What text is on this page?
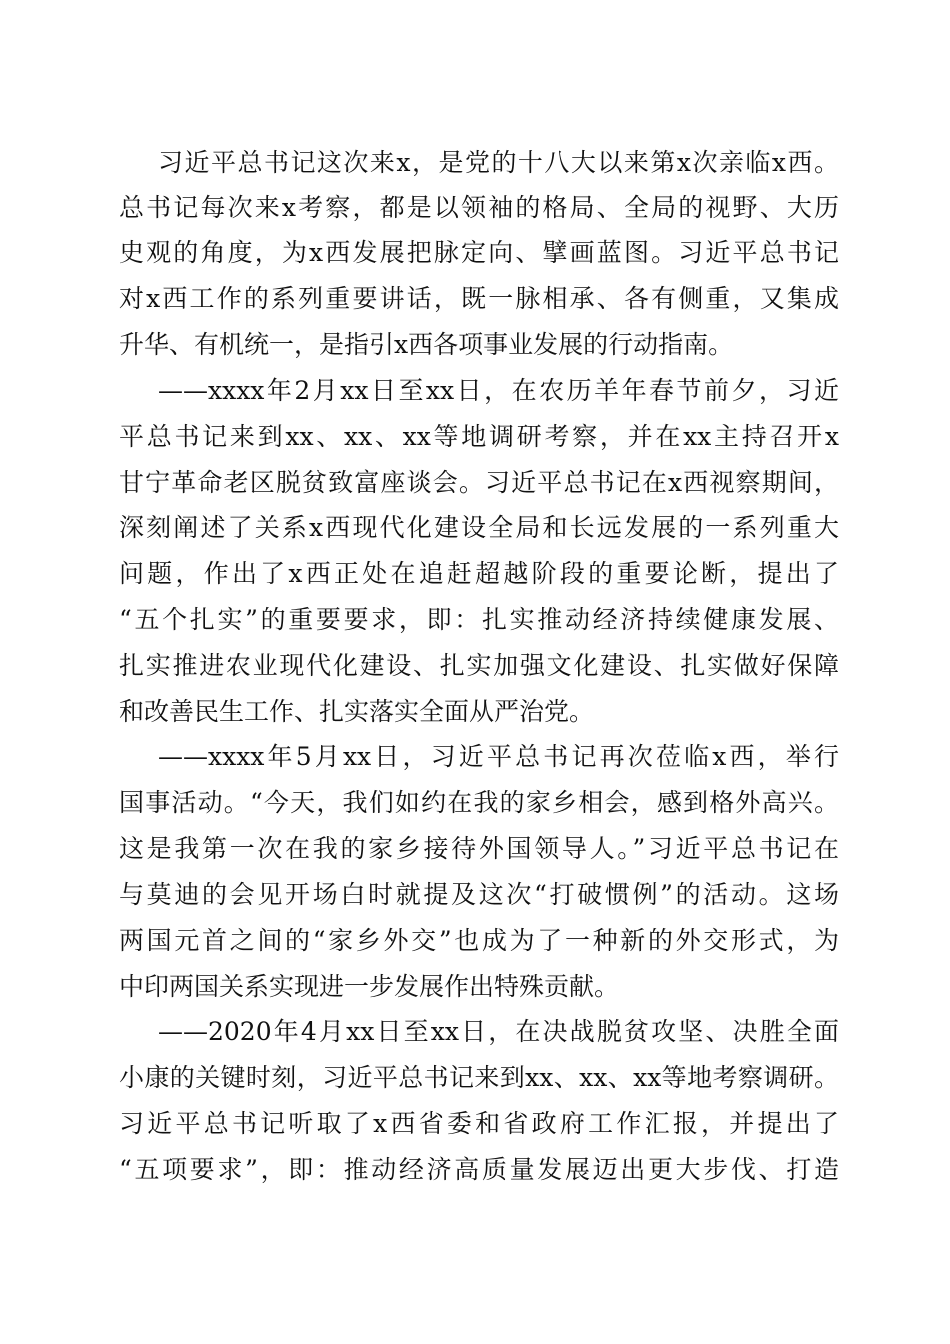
习近平总书记这次来x，是党的十八大以来第x次亲临x西。
总书记每次来x考察，都是以领袖的格局、全局的视野、大历
史观的角度，为x西发展把脉定向、擘画蓝图。习近平总书记
对x西工作的系列重要讲话，既一脉相承、各有侧重，又集成
升华、有机统一，是指引x西各项事业发展的行动指南。
——xxxx年2月xx日至xx日，在农历羊年春节前夕，习近
平总书记来到xx、xx、xx等地调研考察，并在xx主持召开x
甘宁革命老区脱贫致富座谈会。习近平总书记在x西视察期间，
深刻阐述了关系x西现代化建设全局和长远发展的一系列重大
问题，作出了x西正处在追赶超越阶段的重要论断，提出了
“五个扎实”的重要要求，即：扎实推动经济持续健康发展、
扎实推进农业现代化建设、扎实加强文化建设、扎实做好保障
和改善民生工作、扎实落实全面从严治党。
——xxxx年5月xx日，习近平总书记再次莅临x西，举行
国事活动。“今天，我们如约在我的家乡相会，感到格外高兴。
这是我第一次在我的家乡接待外国领导人。”习近平总书记在
与莫迪的会见开场白时就提及这次“打破惯例”的活动。这场
两国元首之间的“家乡外交”也成为了一种新的外交形式，为
中印两国关系实现进一步发展作出特殊贡献。
——2020年4月xx日至xx日，在决战脱贫攻坚、决胜全面
小康的关键时刻，习近平总书记来到xx、xx、xx等地考察调研。
习近平总书记听取了x西省委和省政府工作汇报，并提出了
“五项要求”，即：推动经济高质量发展迈出更大步伐、打造
